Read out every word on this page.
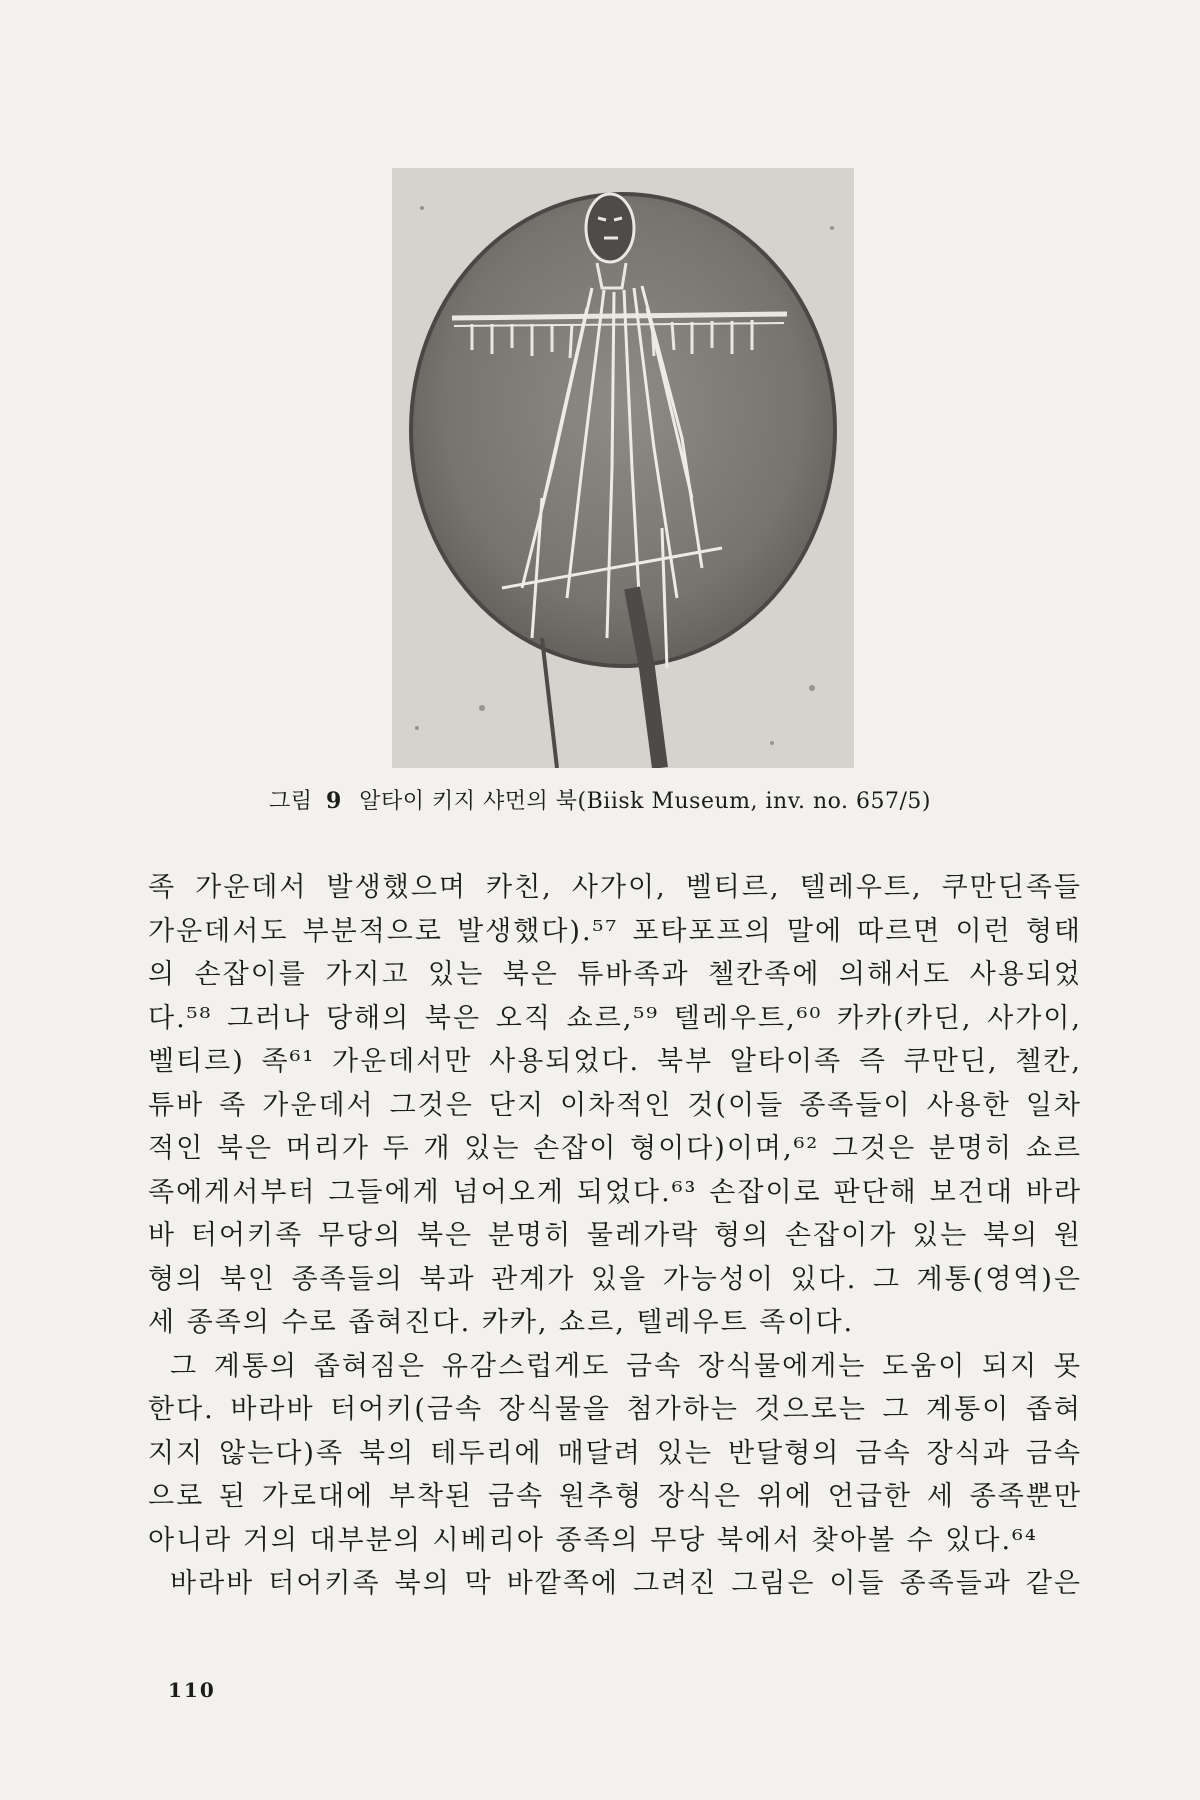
그림 9 알타이 키지 샤먼의 북(Biisk Museum, inv. no. 657/5)
족 가운데서 발생했으며 카친, 사가이, 벨티르, 텔레우트, 쿠만딘족들
가운데서도 부분적으로 발생했다).⁵⁷ 포타포프의 말에 따르면 이런 형태
의 손잡이를 가지고 있는 북은 튜바족과 첼칸족에 의해서도 사용되었
다.⁵⁸ 그러나 당해의 북은 오직 쇼르,⁵⁹ 텔레우트,⁶⁰ 카카(카딘, 사가이,
벨티르) 족⁶¹ 가운데서만 사용되었다. 북부 알타이족 즉 쿠만딘, 첼칸,
튜바 족 가운데서 그것은 단지 이차적인 것(이들 종족들이 사용한 일차
적인 북은 머리가 두 개 있는 손잡이 형이다)이며,⁶² 그것은 분명히 쇼르
족에게서부터 그들에게 넘어오게 되었다.⁶³ 손잡이로 판단해 보건대 바라
바 터어키족 무당의 북은 분명히 물레가락 형의 손잡이가 있는 북의 원
형의 북인 종족들의 북과 관계가 있을 가능성이 있다. 그 계통(영역)은
세 종족의 수로 좁혀진다. 카카, 쇼르, 텔레우트 족이다.
그 계통의 좁혀짐은 유감스럽게도 금속 장식물에게는 도움이 되지 못
한다. 바라바 터어키(금속 장식물을 첨가하는 것으로는 그 계통이 좁혀
지지 않는다)족 북의 테두리에 매달려 있는 반달형의 금속 장식과 금속
으로 된 가로대에 부착된 금속 원추형 장식은 위에 언급한 세 종족뿐만
아니라 거의 대부분의 시베리아 종족의 무당 북에서 찾아볼 수 있다.⁶⁴
바라바 터어키족 북의 막 바깥쪽에 그려진 그림은 이들 종족들과 같은
110
